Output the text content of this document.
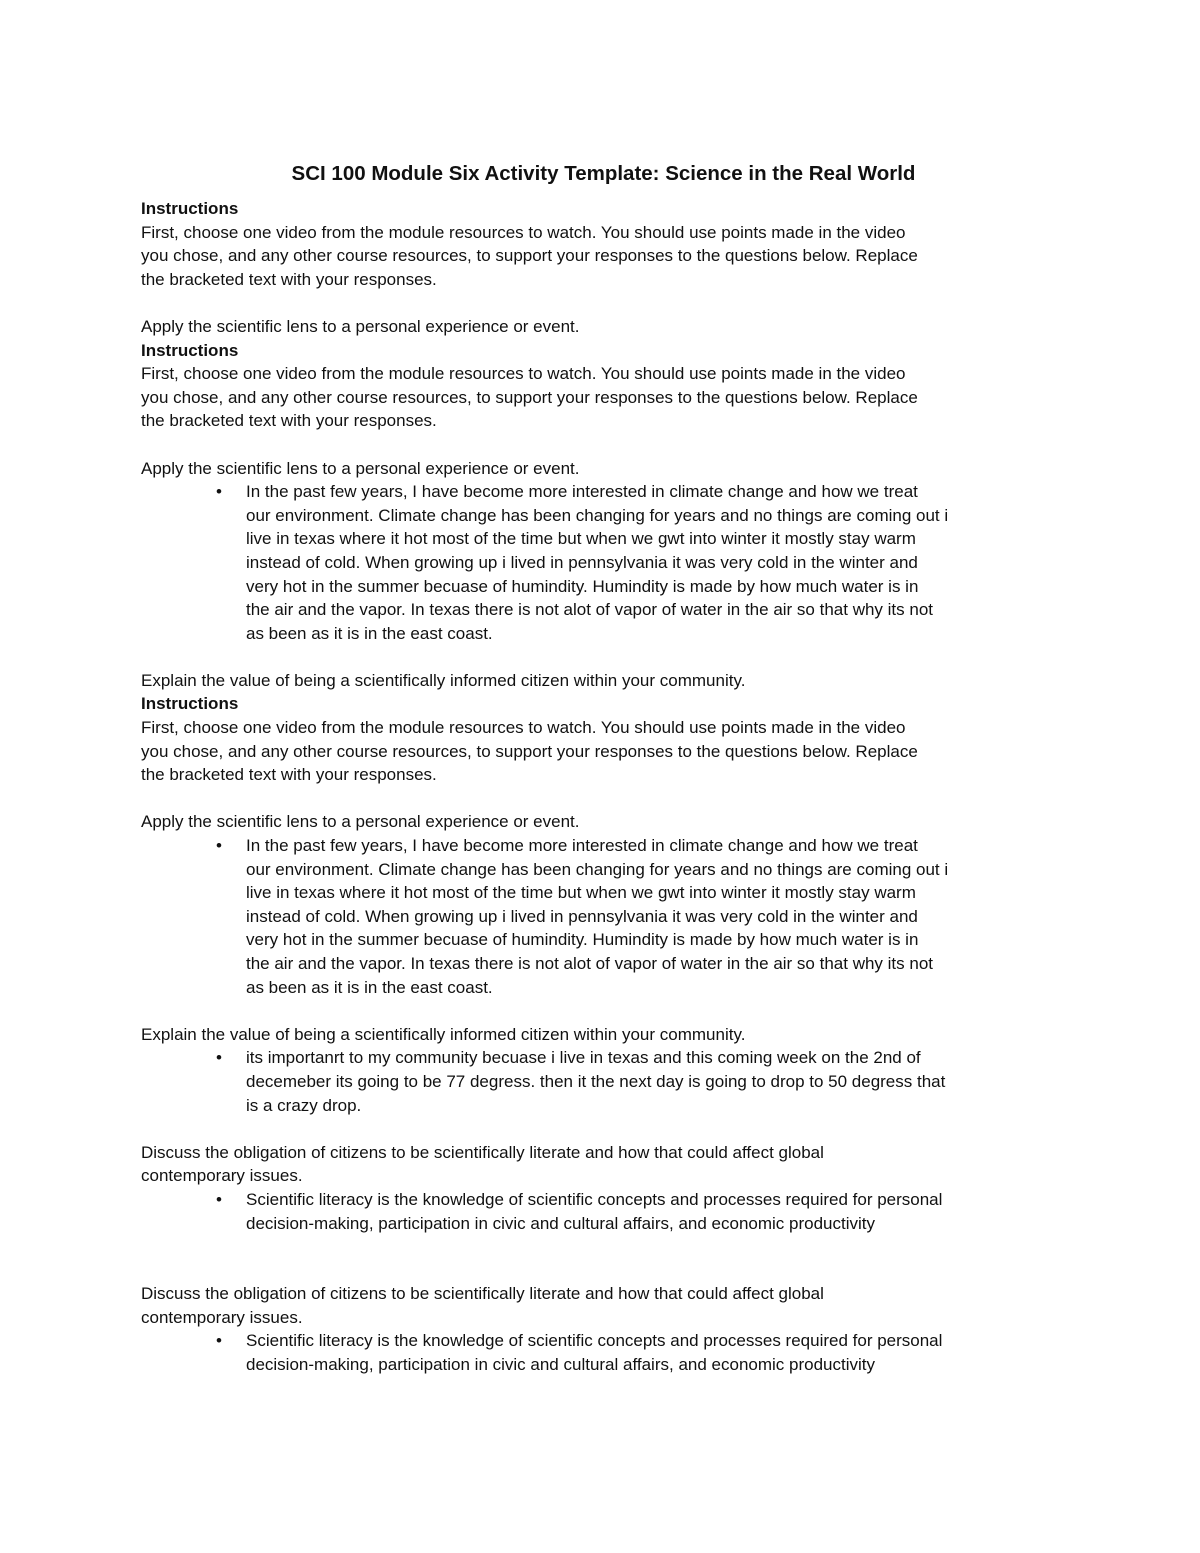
SCI 100 Module Six Activity Template: Science in the Real World
Instructions
First, choose one video from the module resources to watch. You should use points made in the video
you chose, and any other course resources, to support your responses to the questions below. Replace
the bracketed text with your responses.
Apply the scientific lens to a personal experience or event.
Instructions
First, choose one video from the module resources to watch. You should use points made in the video
you chose, and any other course resources, to support your responses to the questions below. Replace
the bracketed text with your responses.
Apply the scientific lens to a personal experience or event.
• In the past few years, I have become more interested in climate change and how we treat
our environment. Climate change has been changing for years and no things are coming out i
live in texas where it hot most of the time but when we gwt into winter it mostly stay warm
instead of cold. When growing up i lived in pennsylvania it was very cold in the winter and
very hot in the summer becuase of humindity. Humindity is made by how much water is in
the air and the vapor. In texas there is not alot of vapor of water in the air so that why its not
as been as it is in the east coast.
Explain the value of being a scientifically informed citizen within your community.
Instructions
First, choose one video from the module resources to watch. You should use points made in the video
you chose, and any other course resources, to support your responses to the questions below. Replace
the bracketed text with your responses.
Apply the scientific lens to a personal experience or event.
• In the past few years, I have become more interested in climate change and how we treat
our environment. Climate change has been changing for years and no things are coming out i
live in texas where it hot most of the time but when we gwt into winter it mostly stay warm
instead of cold. When growing up i lived in pennsylvania it was very cold in the winter and
very hot in the summer becuase of humindity. Humindity is made by how much water is in
the air and the vapor. In texas there is not alot of vapor of water in the air so that why its not
as been as it is in the east coast.
Explain the value of being a scientifically informed citizen within your community.
• its importanrt to my community becuase i live in texas and this coming week on the 2nd of
decemeber its going to be 77 degress. then it the next day is going to drop to 50 degress that
is a crazy drop.
Discuss the obligation of citizens to be scientifically literate and how that could affect global
contemporary issues.
• Scientific literacy is the knowledge of scientific concepts and processes required for personal
decision-making, participation in civic and cultural affairs, and economic productivity
Discuss the obligation of citizens to be scientifically literate and how that could affect global
contemporary issues.
• Scientific literacy is the knowledge of scientific concepts and processes required for personal
decision-making, participation in civic and cultural affairs, and economic productivity
